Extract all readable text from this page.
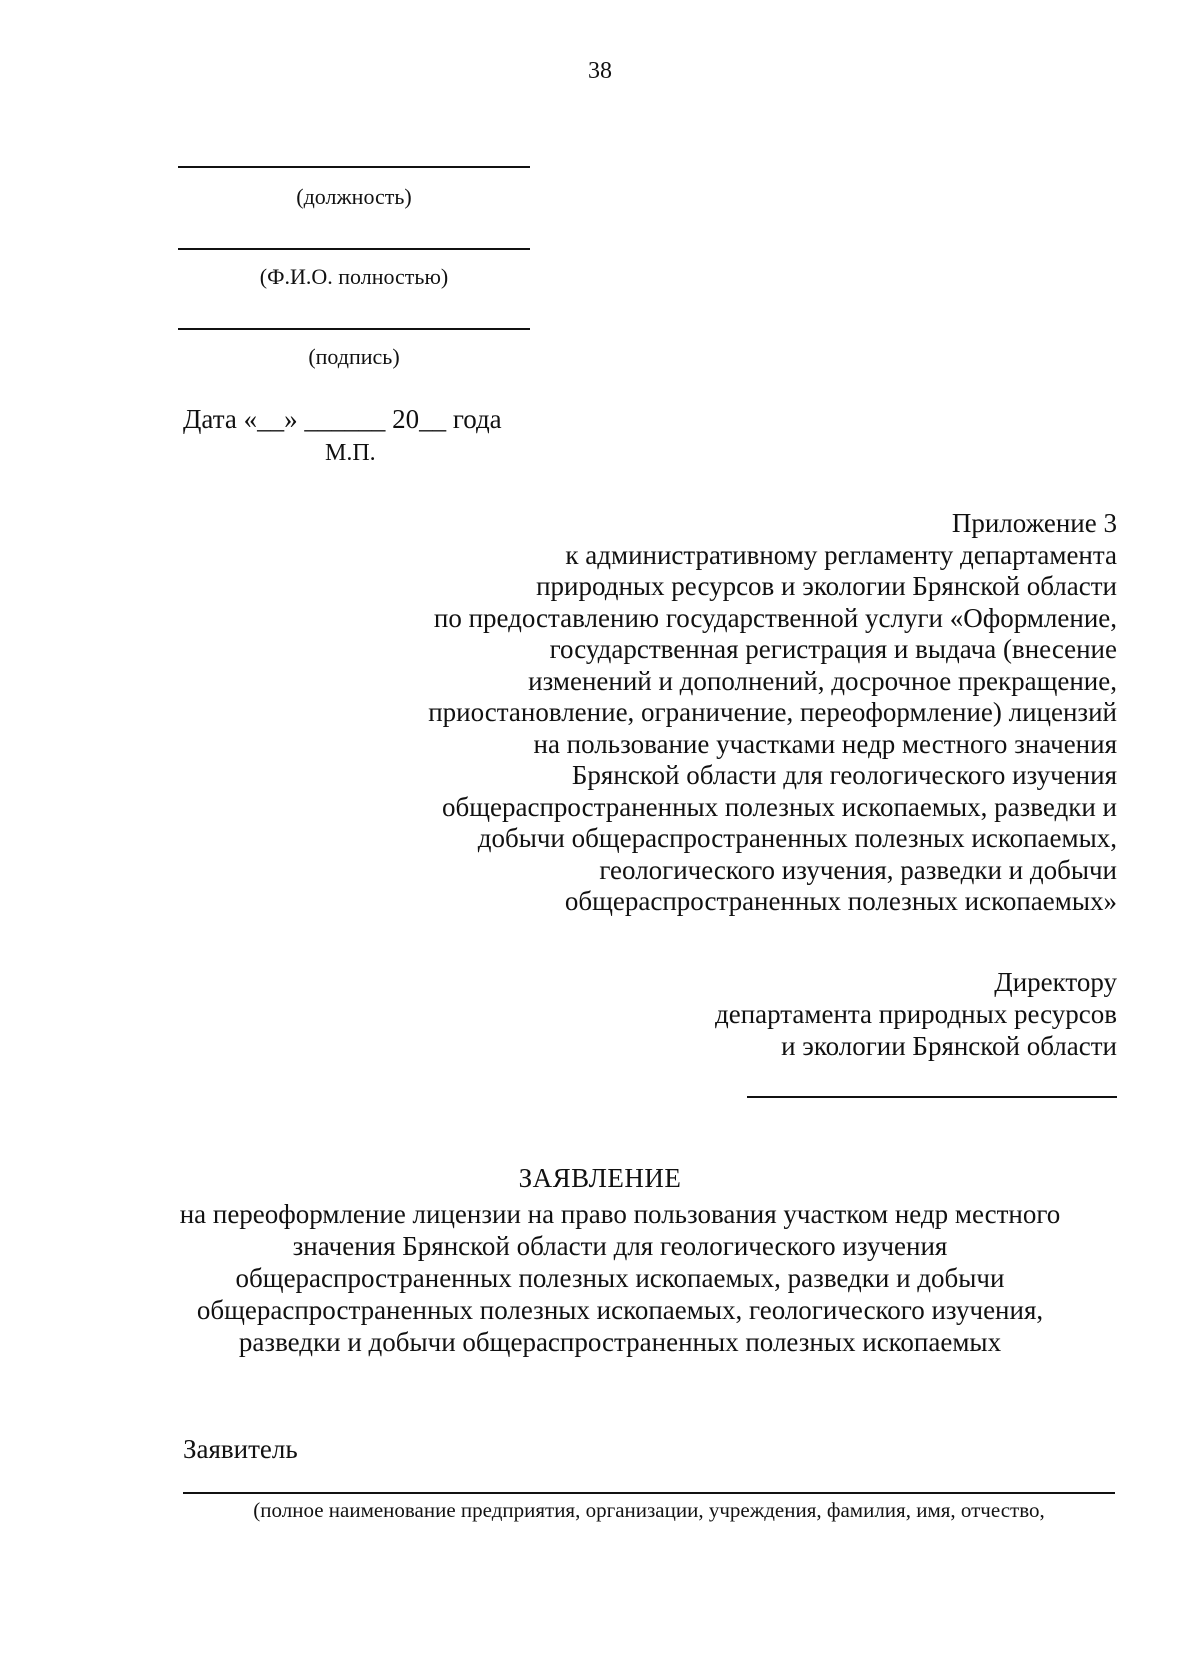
38
(должность)
(Ф.И.О. полностью)
(подпись)
Дата «__» ______ 20__ года
М.П.
Приложение 3
к административному регламенту департамента
природных ресурсов и экологии Брянской области
по предоставлению государственной услуги «Оформление,
государственная регистрация и выдача (внесение
изменений и дополнений, досрочное прекращение,
приостановление, ограничение, переоформление) лицензий
на пользование участками недр местного значения
Брянской области для геологического изучения
общераспространенных полезных ископаемых, разведки и
добычи общераспространенных полезных ископаемых,
геологического изучения, разведки и добычи
общераспространенных полезных ископаемых»
Директору
департамента природных ресурсов
и экологии Брянской области
ЗАЯВЛЕНИЕ
на переоформление лицензии на право пользования участком недр местного
значения Брянской области для геологического изучения
общераспространенных полезных ископаемых, разведки и добычи
общераспространенных полезных ископаемых, геологического изучения,
разведки и добычи общераспространенных полезных ископаемых
Заявитель
(полное наименование предприятия, организации, учреждения, фамилия, имя, отчество,
